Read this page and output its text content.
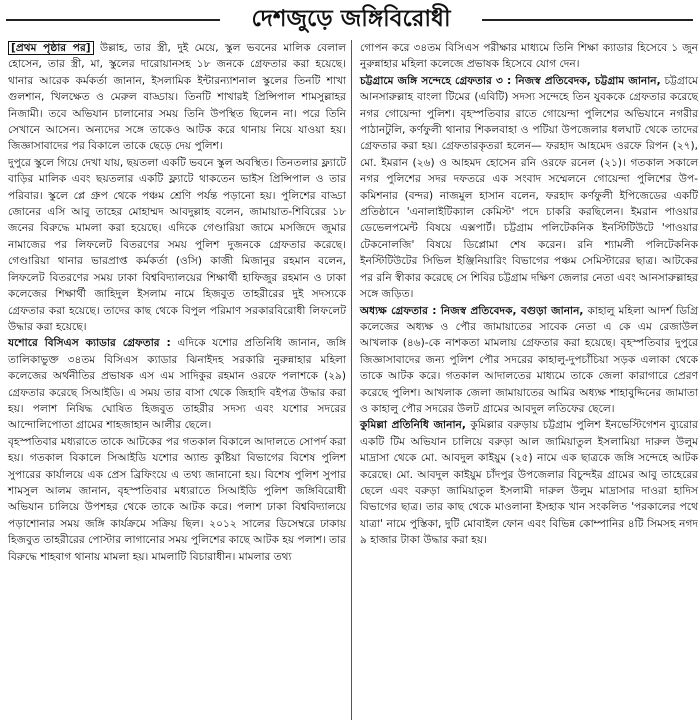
দেশজুড়ে জঙ্গিবিরোধী

[প্রথম পৃষ্ঠার পর] উল্লাহ, তার স্ত্রী, দুই মেয়ে, স্কুল ভবনের মালিক বেলাল হোসেন, তার স্ত্রী, মা, স্কুলের দারোয়ানসহ ১৮ জনকে গ্রেফতার করা হয়েছে। থানার আরেক কর্মকর্তা জানান, ইসলামিক ইন্টারন্যাশনাল স্কুলের তিনটি শাখা গুলশান, খিলক্ষেত ও মেরুল বাড্ডায়। তিনটি শাখারই প্রিন্সিপাল শামসুল্লাহর নিজামী। তবে অভিযান চালানোর সময় তিনি উপস্থিত ছিলেন না। পরে তিনি সেখানে আসেন। অন্যদের সঙ্গে তাকেও আটক করে থানায় নিয়ে যাওয়া হয়। জিজ্ঞাসাবাদের পর বিকালে তাকে ছেড়ে দেয় পুলিশ।

দুপুরে স্কুলে গিয়ে দেখা যায়, ছয়তলা একটি ভবনে স্কুল অবস্থিত। তিনতলার ফ্ল্যাটে বাড়ির মালিক এবং ছয়তলার একটি ফ্ল্যাটে থাকতেন ভাইস প্রিন্সিপাল ও তার পরিবার। স্কুলে প্লে গ্রুপ থেকে পঞ্চম শ্রেণি পর্যন্ত পড়ানো হয়। পুলিশের বাড্ডা জোনের এসি আবু তাহের মোহাম্মদ আবদুল্লাহ বলেন, জামায়াত-শিবিরের ১৮ জনের বিরুদ্ধে মামলা করা হয়েছে। এদিকে গেণ্ডারিয়া জামে মসজিদে জুমার নামাজের পর লিফলেট বিতরণের সময় পুলিশ দুজনকে গ্রেফতার করেছে। গেণ্ডারিয়া থানার ভারপ্রাপ্ত কর্মকর্তা (ওসি) কাজী মিজানুর রহমান বলেন, লিফলেট বিতরণের সময় ঢাকা বিশ্ববিদ্যালয়ের শিক্ষার্থী হাফিজুর রহমান ও ঢাকা কলেজের শিক্ষার্থী জাহিদুল ইসলাম নামে হিজবুত তাহরীরের দুই সদস্যকে গ্রেফতার করা হয়েছে। তাদের কাছ থেকে বিপুল পরিমাণ সরকারবিরোধী লিফলেট উদ্ধার করা হয়েছে।

যশোরে বিসিএস ক্যাডার গ্রেফতার : এদিকে যশোর প্রতিনিধি জানান, জঙ্গি তালিকাভুক্ত ৩৪তম বিসিএস ক্যাডার ঝিনাইদহ সরকারি নুরুন্নাহার মহিলা কলেজের অর্থনীতির প্রভাষক এস এম সাদিকুর রহমান ওরফে পলাশকে (২৯) গ্রেফতার করেছে সিআইডি। এ সময় তার বাসা থেকে জিহাদি বইপত্র উদ্ধার করা হয়। পলাশ নিষিদ্ধ ঘোষিত হিজবুত তাহরীর সদস্য এবং যশোর সদরের আন্দোলিপোতা গ্রামের শাহজাহান আলীর ছেলে।

বৃহস্পতিবার মধ্যরাতে তাকে আটকের পর গতকাল বিকালে আদালতে সোপর্দ করা হয়। গতকাল বিকালে সিআইডি যশোর অ্যান্ড কুষ্টিয়া বিভাগের বিশেষ পুলিশ সুপারের কার্যালয়ে এক প্রেস ব্রিফিংয়ে এ তথ্য জানানো হয়। বিশেষ পুলিশ সুপার শামসুল আলম জানান, বৃহস্পতিবার মধ্যরাতে সিআইডি পুলিশ জঙ্গিবিরোধী অভিযান চালিয়ে উপশহর থেকে তাকে আটক করে। পলাশ ঢাকা বিশ্ববিদ্যালয়ে পড়াশোনার সময় জঙ্গি কার্যক্রমে সক্রিয় ছিল। ২০১২ সালের ডিসেম্বরে ঢাকায় হিজবুত তাহরীরের পোস্টার লাগানোর সময় পুলিশের কাছে আটক হয় পলাশ। তার বিরুদ্ধে শাহবাগ থানায় মামলা হয়। মামলাটি বিচারাধীন। মামলার তথ্য

গোপন করে ৩৪তম বিসিএস পরীক্ষার মাধ্যমে তিনি শিক্ষা ক্যাডার হিসেবে ১ জুন নুরুন্নাহার মহিলা কলেজে প্রভাষক হিসেবে যোগ দেন।

চট্টগ্রামে জঙ্গি সন্দেহে গ্রেফতার ৩ : নিজস্ব প্রতিবেদক, চট্টগ্রাম জানান, চট্টগ্রামে আনসারুল্লাহ বাংলা টিমের (এবিটি) সদস্য সন্দেহে তিন যুবককে গ্রেফতার করেছে নগর গোয়েন্দা পুলিশ। বৃহস্পতিবার রাতে গোয়েন্দা পুলিশের অভিযানে নগরীর পাঠানটুলি, কর্ণফুলী থানার শিকলবাহা ও পটিয়া উপজেলার ধলঘাট থেকে তাদের গ্রেফতার করা হয়। গ্রেফতারকৃতরা হলেন— ফরহাদ আহমেদ ওরফে রিপন (২৭), মো. ইমরান (২৬) ও আহমদ হোসেন রনি ওরফে রনেল (২১)। গতকাল সকালে নগর পুলিশের সদর দফতরে এক সংবাদ সম্মেলনে গোয়েন্দা পুলিশের উপ-কমিশনার (বন্দর) নাজমুল হাসান বলেন, ফরহাদ কর্ণফুলী ইপিজেডের একটি প্রতিষ্ঠানে 'এনালাইটিক্যাল কেমিস্ট' পদে চাকরি করছিলেন। ইমরান পাওয়ার ডেভেলপমেন্ট বিষয়ে এক্সপার্ট। চট্টগ্রাম পলিটেকনিক ইনস্টিটিউটে 'পাওয়ার টেকনোলজি' বিষয়ে ডিপ্লোমা শেষ করেন। রনি শ্যামলী পলিটেকনিক ইনস্টিটিউটের সিভিল ইঞ্জিনিয়ারিং বিভাগের পঞ্চম সেমিস্টারের ছাত্র। আটকের পর রনি স্বীকার করেছে সে শিবির চট্টগ্রাম দক্ষিণ জেলার নেতা এবং আনসারুল্লাহর সঙ্গে জড়িত।

অধ্যক্ষ গ্রেফতার : নিজস্ব প্রতিবেদক, বগুড়া জানান, কাহালু মহিলা আদর্শ ডিগ্রি কলেজের অধ্যক্ষ ও পৌর জামায়াতের সাবেক নেতা এ কে এম রেজাউল আখলাক (৪৬)-কে নাশকতা মামলায় গ্রেফতার করা হয়েছে। বৃহস্পতিবার দুপুরে জিজ্ঞাসাবাদের জন্য পুলিশ পৌর সদরের কাহালু-দুপচাঁচিয়া সড়ক এলাকা থেকে তাকে আটক করে। গতকাল আদালতের মাধ্যমে তাকে জেলা কারাগারে প্রেরণ করেছে পুলিশ। আখলাক জেলা জামায়াতের আমির অধ্যক্ষ শাহাবুদ্দিনের জামাতা ও কাহালু পৌর সদরের উলট গ্রামের আবদুল লতিফের ছেলে।

কুমিল্লা প্রতিনিধি জানান, কুমিল্লার বরুড়ায় চট্টগ্রাম পুলিশ ইনভেস্টিগেশন ব্যুরোর একটি টিম অভিযান চালিয়ে বরুড়া আল জামিয়াতুল ইসলামিয়া দারুল উলুম মাদ্রাসা থেকে মো. আবদুল কাইয়ুম (২৫) নামে এক ছাত্রকে জঙ্গি সন্দেহে আটক করেছে। মো. আবদুল কাইয়ুম চাঁদপুর উপজেলার বিচুন্দইর গ্রামের আবু তাহেরের ছেলে এবং বরুড়া জামিয়াতুল ইসলামী দারুল উলুম মাদ্রাসার দাওরা হাদিস বিভাগের ছাত্র। তার কাছ থেকে মাওলানা ইসহাক খান সংকলিত 'পরকালের পথে যাত্রা' নামে পুস্তিকা, দুটি মোবাইল ফোন এবং বিভিন্ন কোম্পানির ৪টি সিমসহ নগদ ৯ হাজার টাকা উদ্ধার করা হয়।
